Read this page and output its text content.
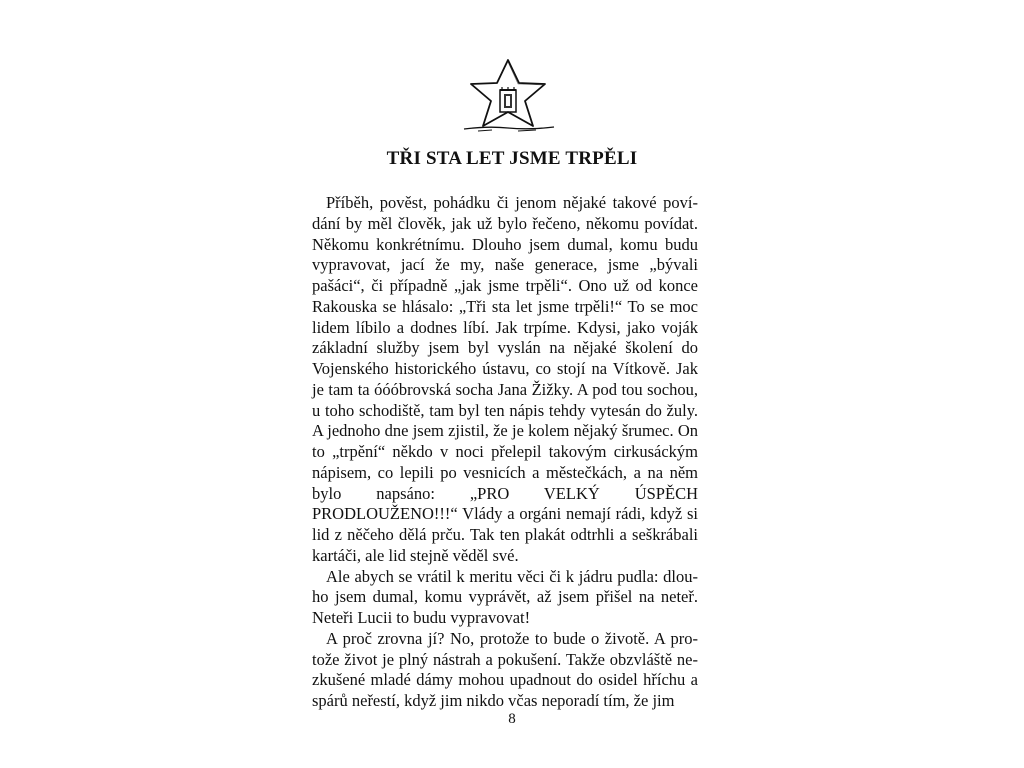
TŘI STA LET JSME TRPĚLI

Příběh, pověst, pohádku či jenom nějaké takové povídání by měl člověk, jak už bylo řečeno, někomu povídat. Někomu konkrétnímu. Dlouho jsem dumal, komu budu vypravovat, jací že my, naše generace, jsme „bývali pašáci“, či případně „jak jsme trpěli“. Ono už od konce Rakouska se hlásalo: „Tři sta let jsme trpěli!“ To se moc lidem líbilo a dodnes líbí. Jak trpíme. Kdysi, jako voják základní služby jsem byl vyslán na nějaké školení do Vojenského historického ústavu, co stojí na Vítkově. Jak je tam ta óóóbrovská socha Jana Žižky. A pod tou sochou, u toho schodiště, tam byl ten nápis tehdy vytesán do žuly. A jednoho dne jsem zjistil, že je kolem nějaký šrumec. On to „trpění“ někdo v noci přelepil takovým cirkusáckým nápisem, co lepili po vesnicích a městečkách, a na něm bylo napsáno: „PRO VELKÝ ÚSPĚCH PRODLOUŽENO!!!“ Vlády a orgáni nemají rádi, když si lid z něčeho dělá prču. Tak ten plakát odtrhli a seškrábali kartáči, ale lid stejně věděl své.

Ale abych se vrátil k meritu věci či k jádru pudla: dlouho jsem dumal, komu vyprávět, až jsem přišel na neteř. Neteři Lucii to budu vypravovat!

A proč zrovna jí? No, protože to bude o životě. A protože život je plný nástrah a pokušení. Takže obzvláště nezkušené mladé dámy mohou upadnout do osidel hříchu a spárů neřestí, když jim nikdo včas neporadí tím, že jim

8
